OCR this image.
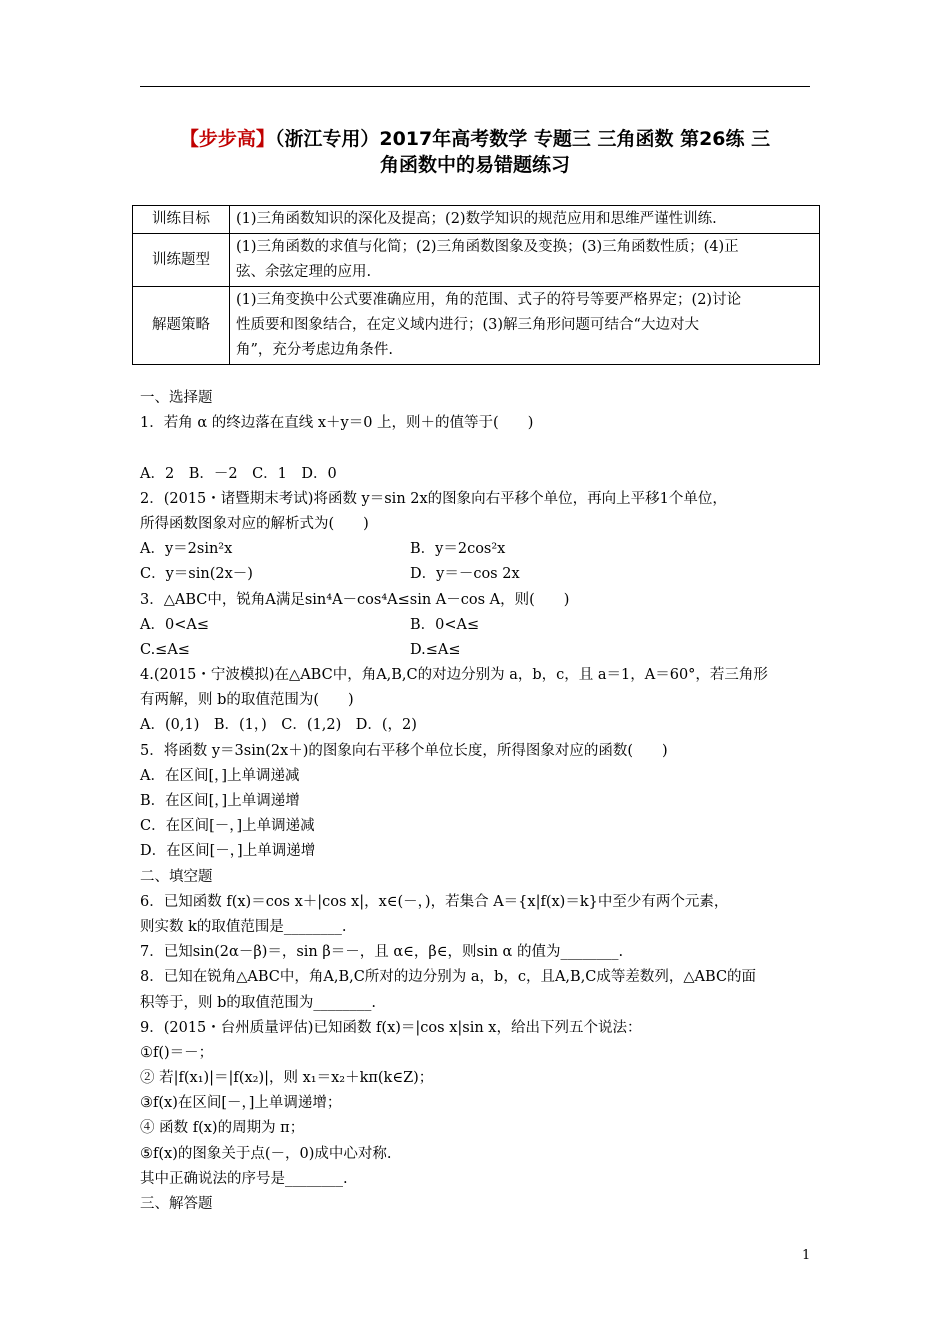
【步步高】（浙江专用）2017年高考数学 专题三 三角函数 第26练 三
角函数中的易错题练习
训练目标	(1)三角函数知识的深化及提高；(2)数学知识的规范应用和思维严谨性训练.

训练题型	(1)三角函数的求值与化简；(2)三角函数图象及变换；(3)三角函数性质；(4)正
弦、余弦定理的应用.

解题策略	(1)三角变换中公式要准确应用，角的范围、式子的符号等要严格界定；(2)讨论
性质要和图象结合，在定义域内进行；(3)解三角形问题可结合“大边对大
角”，充分考虑边角条件.
一、选择题
1．若角 α 的终边落在直线 x＋y＝0 上，则＋的值等于(　　)
A．2　B．－2　C．1　D．0
2．(2015・诸暨期末考试)将函数 y＝sin 2x的图象向右平移个单位，再向上平移1个单位，
所得函数图象对应的解析式为(　　)
A．y＝2sin²x	B．y＝2cos²x
C．y＝sin(2x－)	D．y＝－cos 2x
3．△ABC中，锐角A满足sin⁴A－cos⁴A≤sin A－cos A，则(　　)
A．0<A≤	B．0<A≤
C.≤A≤	D.≤A≤
4.(2015・宁波模拟)在△ABC中，角A,B,C的对边分别为 a，b，c，且 a＝1，A＝60°，若三角形
有两解，则 b的取值范围为(　　)
A．(0,1)　B．(1，)　C．(1,2)　D．(，2)
5．将函数 y＝3sin(2x＋)的图象向右平移个单位长度，所得图象对应的函数(　　)
A．在区间[，]上单调递减
B．在区间[，]上单调递增
C．在区间[－，]上单调递减
D．在区间[－，]上单调递增
二、填空题
6．已知函数 f(x)＝cos x＋|cos x|，x∈(－，)，若集合 A＝{x|f(x)＝k}中至少有两个元素，
则实数 k的取值范围是________.
7．已知sin(2α－β)＝，sin β＝－，且 α∈，β∈，则sin α 的值为________.
8．已知在锐角△ABC中，角A,B,C所对的边分别为 a，b，c，且A,B,C成等差数列，△ABC的面
积等于，则 b的取值范围为________.
9．(2015・台州质量评估)已知函数 f(x)＝|cos x|sin x，给出下列五个说法：
①f()＝－；
② 若|f(x₁)|＝|f(x₂)|，则 x₁＝x₂＋kπ(k∈Z)；
③f(x)在区间[－，]上单调递增；
④ 函数 f(x)的周期为 π；
⑤f(x)的图象关于点(－，0)成中心对称.
其中正确说法的序号是________.
三、解答题
1
